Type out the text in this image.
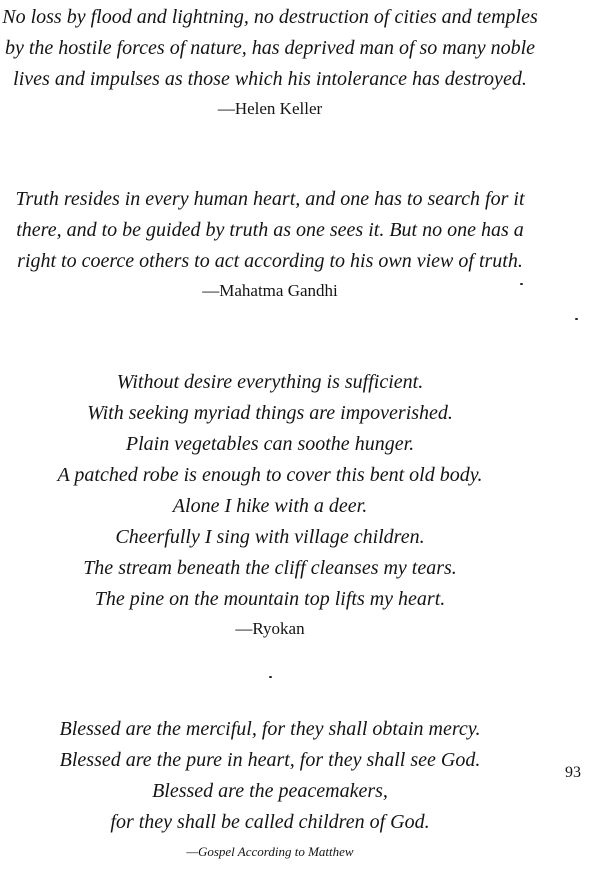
No loss by flood and lightning, no destruction of cities and temples
by the hostile forces of nature, has deprived man of so many noble
lives and impulses as those which his intolerance has destroyed.
—Helen Keller
Truth resides in every human heart, and one has to search for it
there, and to be guided by truth as one sees it. But no one has a
right to coerce others to act according to his own view of truth.
—Mahatma Gandhi
Without desire everything is sufficient.
With seeking myriad things are impoverished.
Plain vegetables can soothe hunger.
A patched robe is enough to cover this bent old body.
Alone I hike with a deer.
Cheerfully I sing with village children.
The stream beneath the cliff cleanses my tears.
The pine on the mountain top lifts my heart.
—Ryokan
Blessed are the merciful, for they shall obtain mercy.
Blessed are the pure in heart, for they shall see God.
Blessed are the peacemakers,
for they shall be called children of God.
—Gospel According to Matthew
93
